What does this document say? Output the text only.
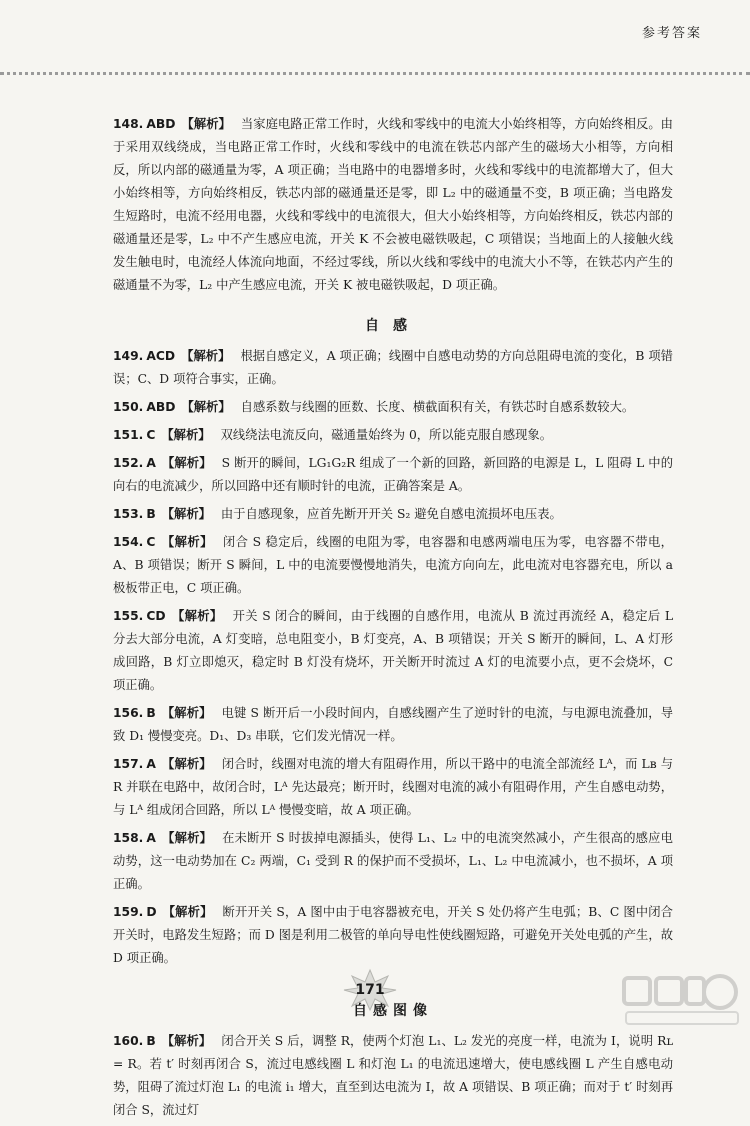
参考答案

148. ABD 【解析】 当家庭电路正常工作时，火线和零线中的电流大小始终相等，方向始终相反。由于采用双线绕成，当电路正常工作时，火线和零线中的电流在铁芯内部产生的磁场大小相等，方向相反，所以内部的磁通量为零，A 项正确；当电路中的电器增多时，火线和零线中的电流都增大了，但大小始终相等，方向始终相反，铁芯内部的磁通量还是零，即 L₂ 中的磁通量不变，B 项正确；当电路发生短路时，电流不经用电器，火线和零线中的电流很大，但大小始终相等，方向始终相反，铁芯内部的磁通量还是零，L₂ 中不产生感应电流，开关 K 不会被电磁铁吸起，C 项错误；当地面上的人接触火线发生触电时，电流经人体流向地面，不经过零线，所以火线和零线中的电流大小不等，在铁芯内产生的磁通量不为零，L₂ 中产生感应电流，开关 K 被电磁铁吸起，D 项正确。

自感

149. ACD 【解析】 根据自感定义，A 项正确；线圈中自感电动势的方向总阻碍电流的变化，B 项错误；C、D 项符合事实，正确。

150. ABD 【解析】 自感系数与线圈的匝数、长度、横截面积有关，有铁芯时自感系数较大。

151. C 【解析】 双线绕法电流反向，磁通量始终为 0，所以能克服自感现象。

152. A 【解析】 S 断开的瞬间，LG₁G₂R 组成了一个新的回路，新回路的电源是 L，L 阻碍 L 中的向右的电流减少，所以回路中还有顺时针的电流，正确答案是 A。

153. B 【解析】 由于自感现象，应首先断开开关 S₂ 避免自感电流损坏电压表。

154. C 【解析】 闭合 S 稳定后，线圈的电阻为零，电容器和电感两端电压为零，电容器不带电，A、B 项错误；断开 S 瞬间，L 中的电流要慢慢地消失，电流方向向左，此电流对电容器充电，所以 a 极板带正电，C 项正确。

155. CD 【解析】 开关 S 闭合的瞬间，由于线圈的自感作用，电流从 B 流过再流经 A，稳定后 L 分去大部分电流，A 灯变暗，总电阻变小，B 灯变亮，A、B 项错误；开关 S 断开的瞬间，L、A 灯形成回路，B 灯立即熄灭，稳定时 B 灯没有烧坏，开关断开时流过 A 灯的电流要小点，更不会烧坏，C 项正确。

156. B 【解析】 电键 S 断开后一小段时间内，自感线圈产生了逆时针的电流，与电源电流叠加，导致 D₁ 慢慢变亮。D₁、D₃ 串联，它们发光情况一样。

157. A 【解析】 闭合时，线圈对电流的增大有阻碍作用，所以干路中的电流全部流经 Lᴬ，而 Lʙ 与 R 并联在电路中，故闭合时，Lᴬ 先达最亮；断开时，线圈对电流的减小有阻碍作用，产生自感电动势，与 Lᴬ 组成闭合回路，所以 Lᴬ 慢慢变暗，故 A 项正确。

158. A 【解析】 在未断开 S 时拔掉电源插头，使得 L₁、L₂ 中的电流突然减小，产生很高的感应电动势，这一电动势加在 C₂ 两端，C₁ 受到 R 的保护而不受损坏，L₁、L₂ 中电流减小，也不损坏，A 项正确。

159. D 【解析】 断开开关 S，A 图中由于电容器被充电，开关 S 处仍将产生电弧；B、C 图中闭合开关时，电路发生短路；而 D 图是利用二极管的单向导电性使线圈短路，可避免开关处电弧的产生，故 D 项正确。

自感图像

160. B 【解析】 闭合开关 S 后，调整 R，使两个灯泡 L₁、L₂ 发光的亮度一样，电流为 I，说明 Rʟ = R。若 t′ 时刻再闭合 S，流过电感线圈 L 和灯泡 L₁ 的电流迅速增大，使电感线圈 L 产生自感电动势，阻碍了流过灯泡 L₁ 的电流 i₁ 增大，直至到达电流为 I，故 A 项错误、B 项正确；而对于 t′ 时刻再闭合 S，流过灯

171
